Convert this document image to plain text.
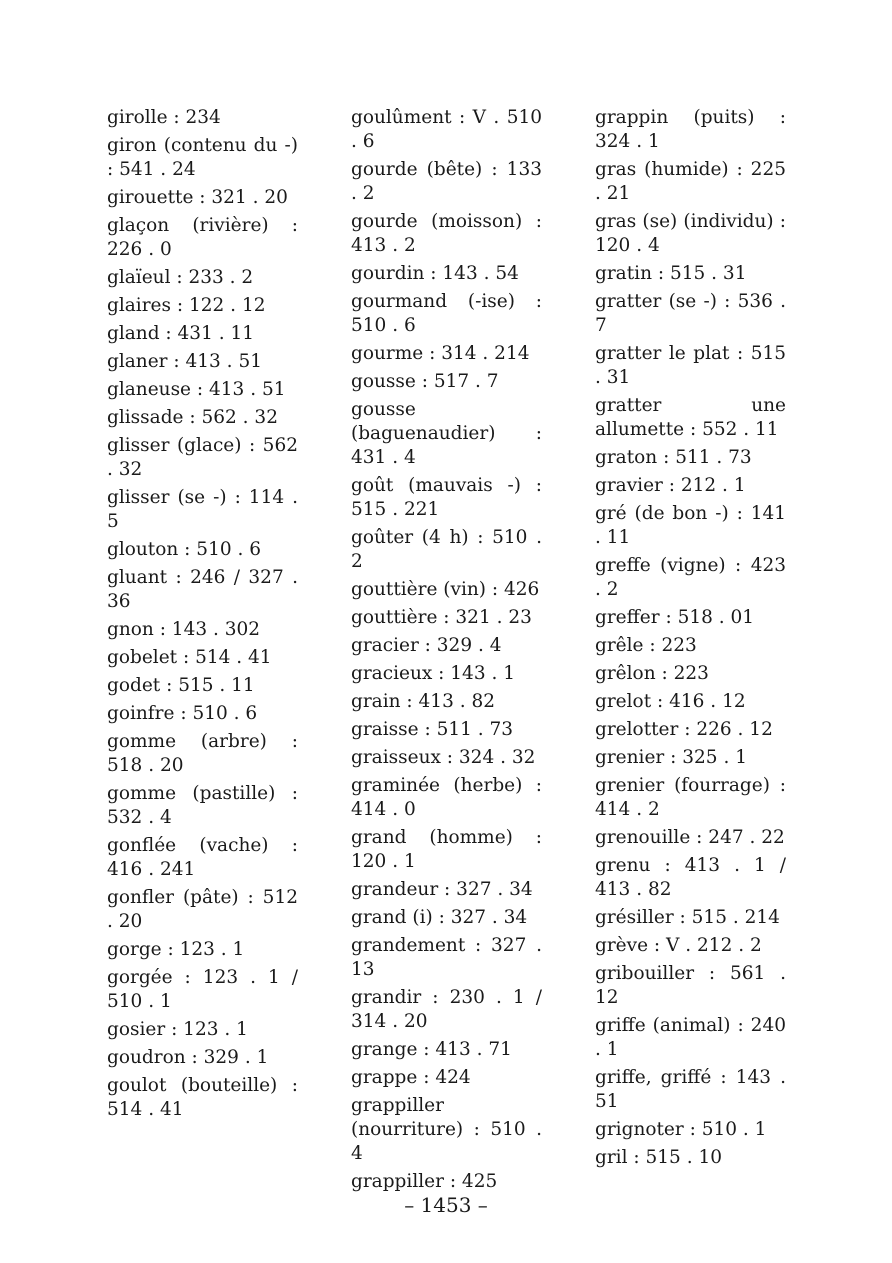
girolle : 234
giron (contenu du -) : 541 . 24
girouette : 321 . 20
glaçon (rivière) : 226 . 0
glaïeul : 233 . 2
glaires : 122 . 12
gland : 431 . 11
glaner : 413 . 51
glaneuse : 413 . 51
glissade : 562 . 32
glisser (glace) : 562 . 32
glisser (se -) : 114 . 5
glouton : 510 . 6
gluant : 246 / 327 . 36
gnon : 143 . 302
gobelet : 514 . 41
godet : 515 . 11
goinfre : 510 . 6
gomme (arbre) : 518 . 20
gomme (pastille) : 532 . 4
gonflée (vache) : 416 . 241
gonfler (pâte) : 512 . 20
gorge : 123 . 1
gorgée : 123 . 1 / 510 . 1
gosier : 123 . 1
goudron : 329 . 1
goulot (bouteille) : 514 . 41
goulûment : V . 510 . 6
gourde (bête) : 133 . 2
gourde (moisson) : 413 . 2
gourdin : 143 . 54
gourmand (-ise) : 510 . 6
gourme : 314 . 214
gousse : 517 . 7
gousse (baguenaudier) : 431 . 4
goût (mauvais -) : 515 . 221
goûter (4 h) : 510 . 2
gouttière (vin) : 426
gouttière : 321 . 23
gracier : 329 . 4
gracieux : 143 . 1
grain : 413 . 82
graisse : 511 . 73
graisseux : 324 . 32
graminée (herbe) : 414 . 0
grand (homme) : 120 . 1
grandeur : 327 . 34
grand (i) : 327 . 34
grandement : 327 . 13
grandir : 230 . 1 / 314 . 20
grange : 413 . 71
grappe : 424
grappiller (nourriture) : 510 . 4
grappiller : 425
grappin (puits) : 324 . 1
gras (humide) : 225 . 21
gras (se) (individu) : 120 . 4
gratin : 515 . 31
gratter (se -) : 536 . 7
gratter le plat : 515 . 31
gratter une allumette : 552 . 11
graton : 511 . 73
gravier : 212 . 1
gré (de bon -) : 141 . 11
greffe (vigne) : 423 . 2
greffer : 518 . 01
grêle : 223
grêlon : 223
grelot : 416 . 12
grelotter : 226 . 12
grenier : 325 . 1
grenier (fourrage) : 414 . 2
grenouille : 247 . 22
grenu : 413 . 1 / 413 . 82
grésiller : 515 . 214
grève : V . 212 . 2
gribouiller : 561 . 12
griffe (animal) : 240 . 1
griffe, griffé : 143 . 51
grignoter : 510 . 1
gril : 515 . 10
– 1453 –
